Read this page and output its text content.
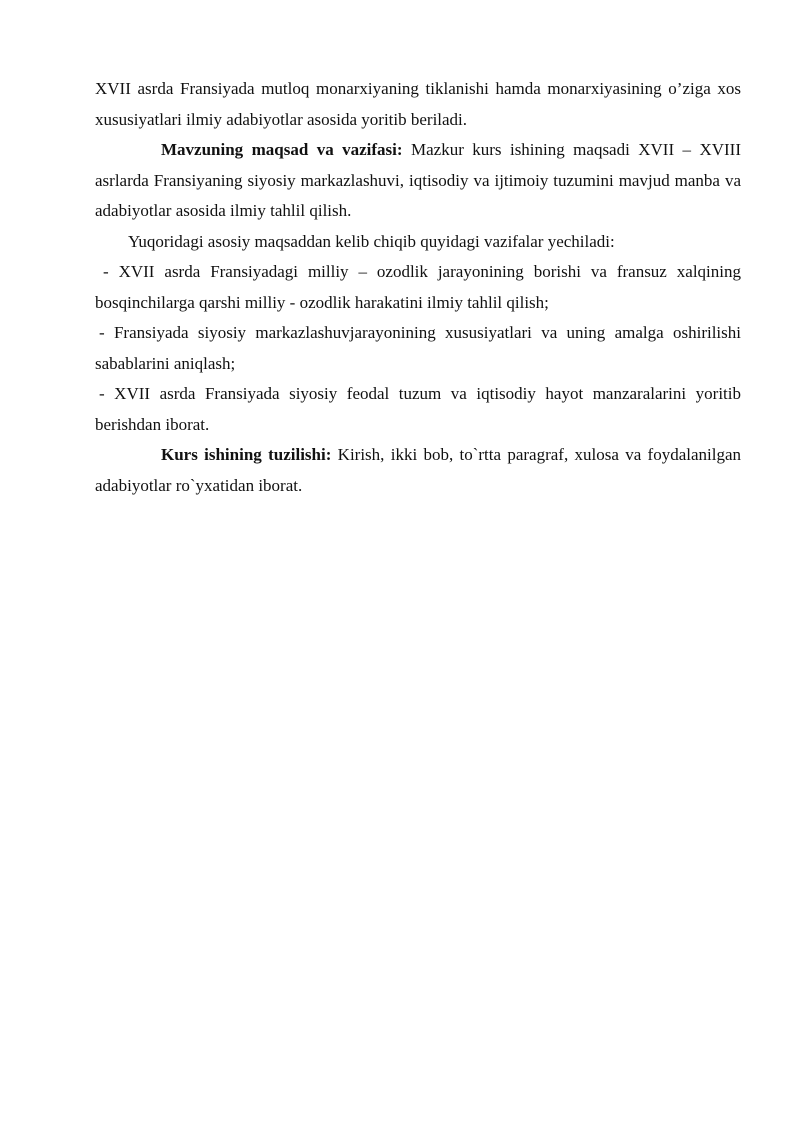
XVII asrda Fransiyada mutloq monarxiyaning tiklanishi hamda monarxiyasining o’ziga xos xususiyatlari ilmiy adabiyotlar asosida yoritib beriladi.

Mavzuning maqsad va vazifasi: Mazkur kurs ishining maqsadi XVII – XVIII asrlarda Fransiyaning siyosiy markazlashuvi, iqtisodiy va ijtimoiy tuzumini mavjud manba va adabiyotlar asosida ilmiy tahlil qilish.

Yuqoridagi asosiy maqsaddan kelib chiqib quyidagi vazifalar yechiladi:

- XVII asrda Fransiyadagi milliy – ozodlik jarayonining borishi va fransuz xalqining bosqinchilarga qarshi milliy - ozodlik harakatini ilmiy tahlil qilish;

- Fransiyada siyosiy markazlashuvjarayonining xususiyatlari va uning amalga oshirilishi sabablarini aniqlash;

- XVII asrda Fransiyada siyosiy feodal tuzum va iqtisodiy hayot manzaralarini yoritib berishdan iborat.

Kurs ishining tuzilishi: Kirish, ikki bob, to`rtta paragraf, xulosa va foydalanilgan adabiyotlar ro`yxatidan iborat.
